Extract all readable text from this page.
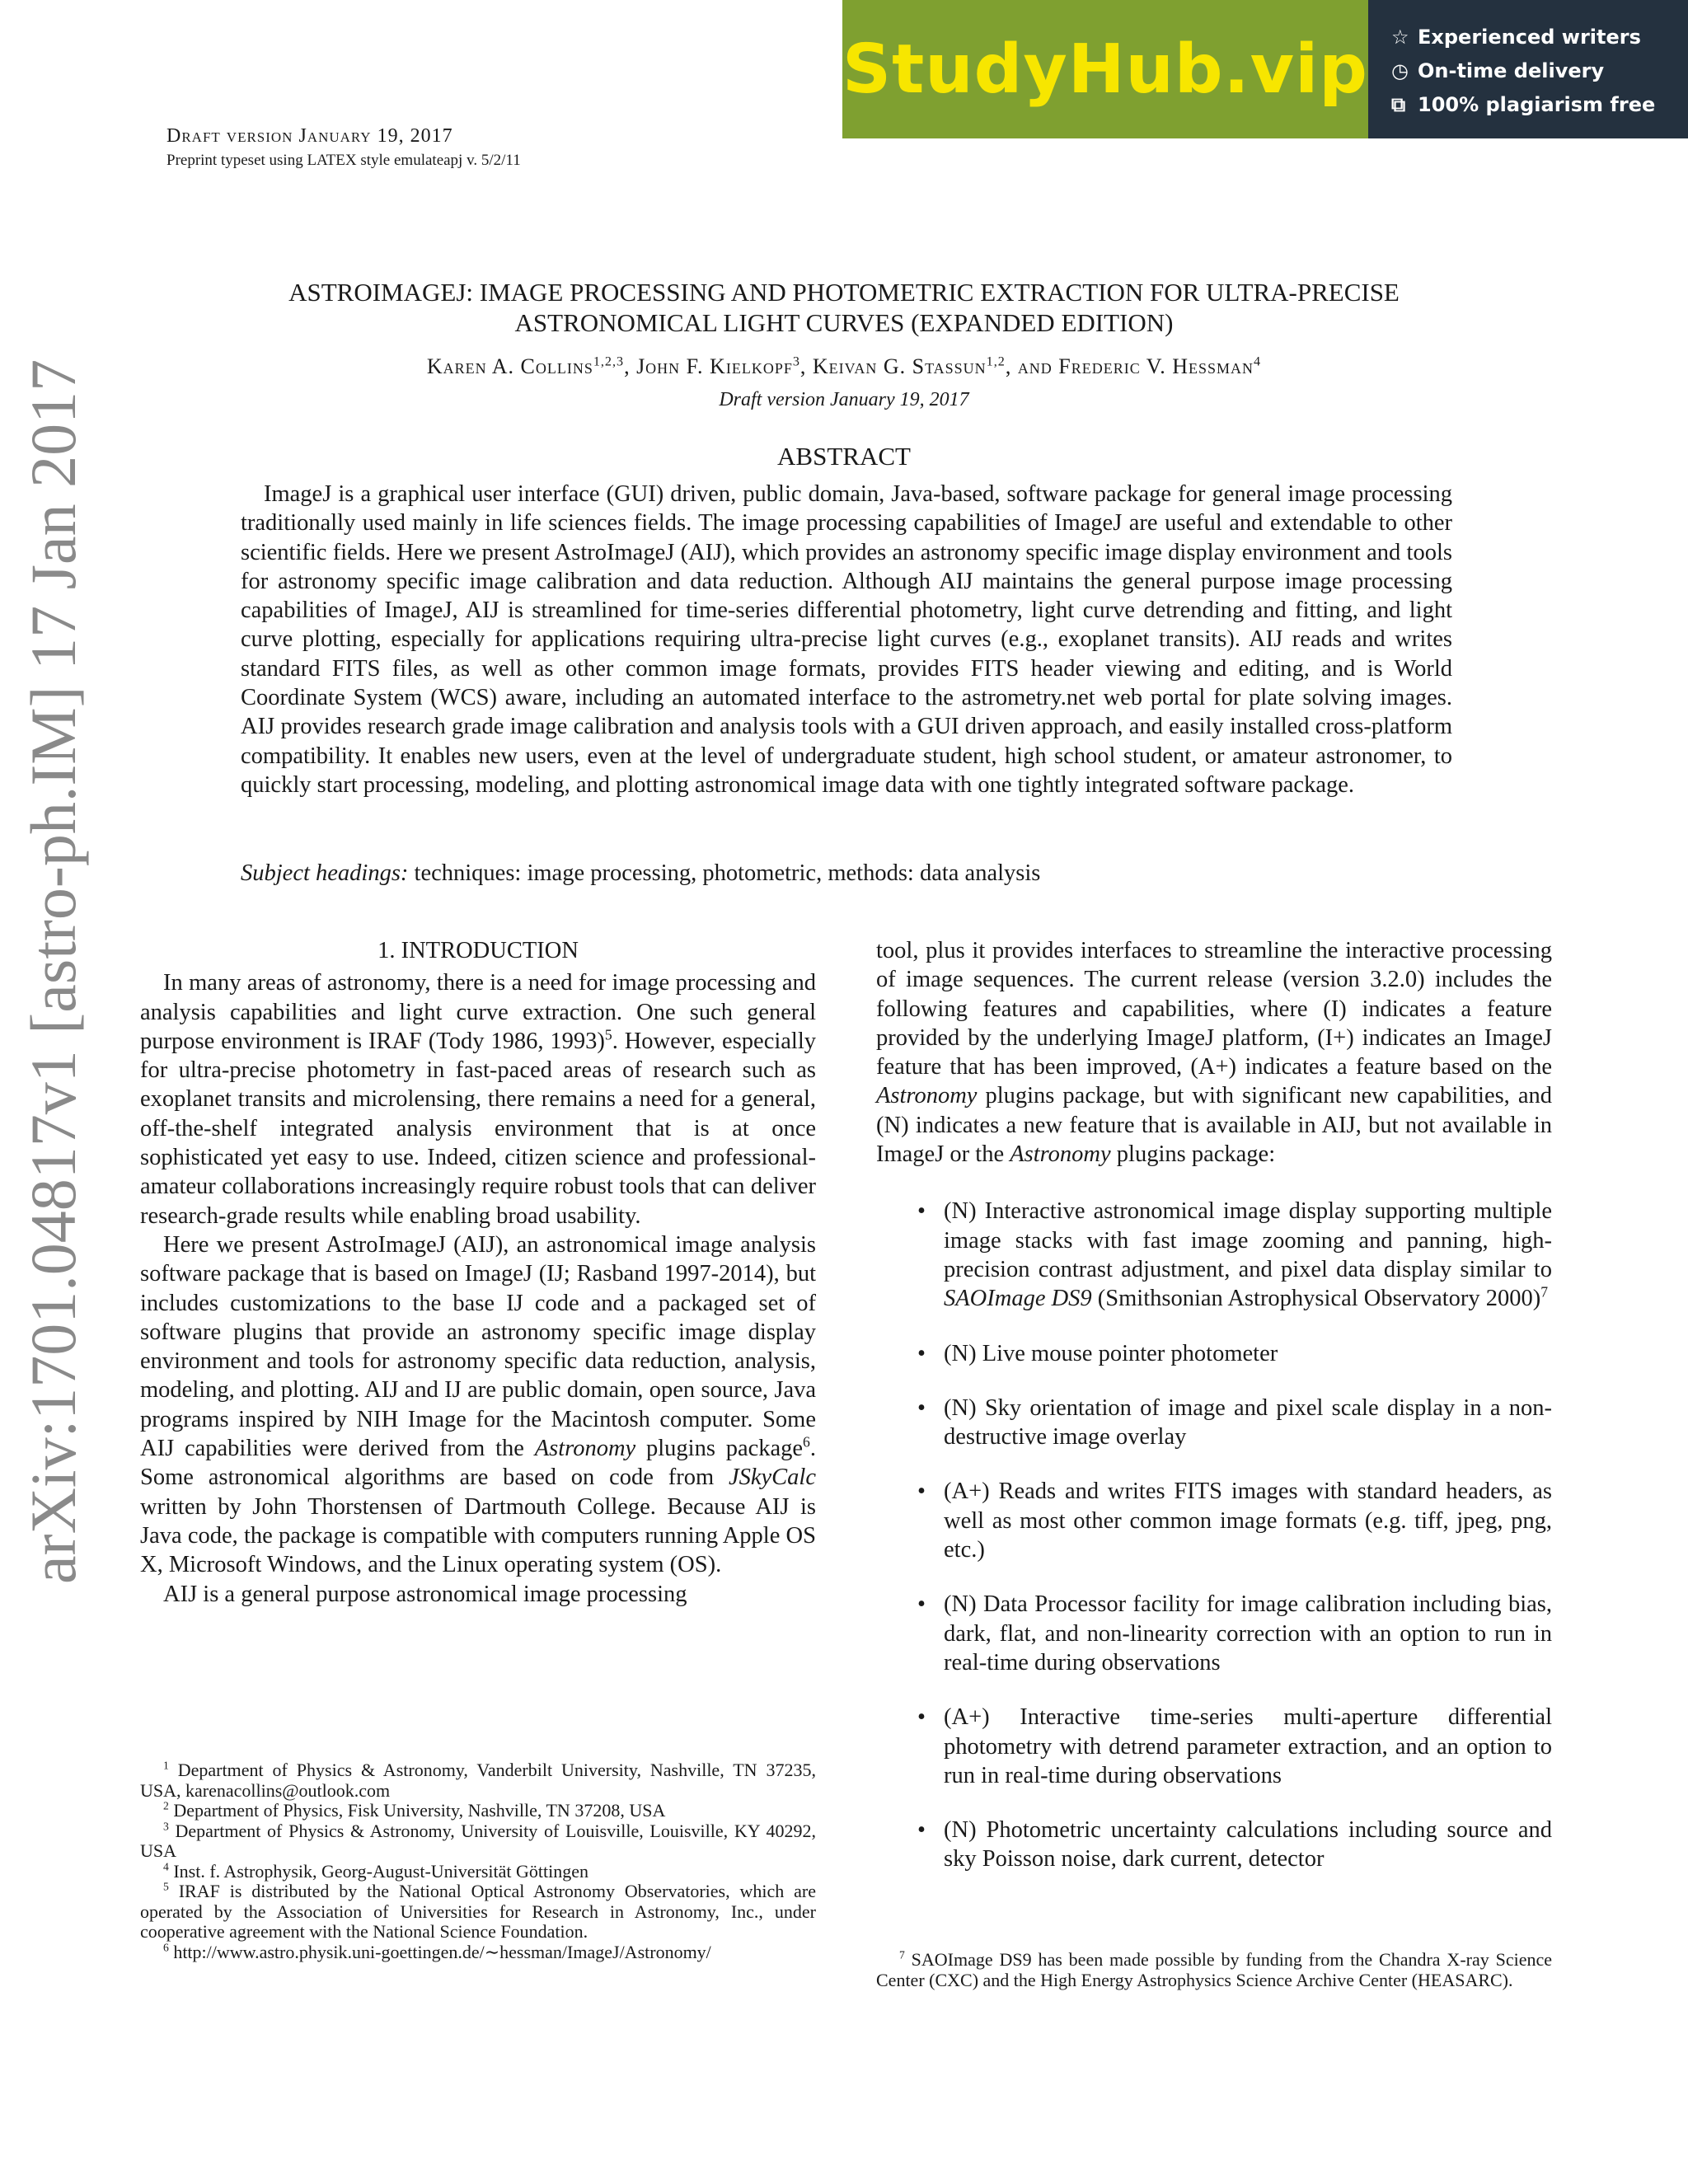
StudyHub.vip ☆ Experienced writers
◷ On-time delivery
⧉ 100% plagiarism free
Draft version January 19, 2017
Preprint typeset using LATEX style emulateapj v. 5/2/11
ASTROIMAGEJ: IMAGE PROCESSING AND PHOTOMETRIC EXTRACTION FOR ULTRA-PRECISE
ASTRONOMICAL LIGHT CURVES (EXPANDED EDITION)
Karen A. Collins$^{1,2,3}$, John F. Kielkopf$^3$, Keivan G. Stassun$^{1,2}$, and Frederic V. Hessman$^4$
Draft version January 19, 2017
ABSTRACT
ImageJ is a graphical user interface (GUI) driven, public domain, Java-based, software package for general image processing traditionally used mainly in life sciences fields. The image processing capabilities of ImageJ are useful and extendable to other scientific fields. Here we present AstroImageJ (AIJ), which provides an astronomy specific image display environment and tools for astronomy specific image calibration and data reduction. Although AIJ maintains the general purpose image processing capabilities of ImageJ, AIJ is streamlined for time-series differential photometry, light curve detrending and fitting, and light curve plotting, especially for applications requiring ultra-precise light curves (e.g., exoplanet transits). AIJ reads and writes standard FITS files, as well as other common image formats, provides FITS header viewing and editing, and is World Coordinate System (WCS) aware, including an automated interface to the astrometry.net web portal for plate solving images. AIJ provides research grade image calibration and analysis tools with a GUI driven approach, and easily installed cross-platform compatibility. It enables new users, even at the level of undergraduate student, high school student, or amateur astronomer, to quickly start processing, modeling, and plotting astronomical image data with one tightly integrated software package.
Subject headings: techniques: image processing, photometric, methods: data analysis
arXiv:1701.04817v1 [astro-ph.IM] 17 Jan 2017	1. INTRODUCTION

In many areas of astronomy, there is a need for image processing and analysis capabilities and light curve extraction. One such general purpose environment is IRAF (Tody 1986, 1993)$^5$. However, especially for ultra-precise photometry in fast-paced areas of research such as exoplanet transits and microlensing, there remains a need for a general, off-the-shelf integrated analysis environment that is at once sophisticated yet easy to use. Indeed, citizen science and professional-amateur collaborations increasingly require robust tools that can deliver research-grade results while enabling broad usability.

Here we present AstroImageJ (AIJ), an astronomical image analysis software package that is based on ImageJ (IJ; Rasband 1997-2014), but includes customizations to the base IJ code and a packaged set of software plugins that provide an astronomy specific image display environment and tools for astronomy specific data reduction, analysis, modeling, and plotting. AIJ and IJ are public domain, open source, Java programs inspired by NIH Image for the Macintosh computer. Some AIJ capabilities were derived from the Astronomy plugins package$^6$. Some astronomical algorithms are based on code from JSkyCalc written by John Thorstensen of Dartmouth College. Because AIJ is Java code, the package is compatible with computers running Apple OS X, Microsoft Windows, and the Linux operating system (OS).

AIJ is a general purpose astronomical image processing

$^1$ Department of Physics & Astronomy, Vanderbilt University, Nashville, TN 37235, USA, karenacollins@outlook.com

$^2$ Department of Physics, Fisk University, Nashville, TN 37208, USA

$^3$ Department of Physics & Astronomy, University of Louisville, Louisville, KY 40292, USA

$^4$ Inst. f. Astrophysik, Georg-August-Universität Göttingen

$^5$ IRAF is distributed by the National Optical Astronomy Observatories, which are operated by the Association of Universities for Research in Astronomy, Inc., under cooperative agreement with the National Science Foundation.

$^6$ http://www.astro.physik.uni-goettingen.de/∼hessman/ImageJ/Astronomy/

tool, plus it provides interfaces to streamline the interactive processing of image sequences. The current release (version 3.2.0) includes the following features and capabilities, where (I) indicates a feature provided by the underlying ImageJ platform, (I+) indicates an ImageJ feature that has been improved, (A+) indicates a feature based on the Astronomy plugins package, but with significant new capabilities, and (N) indicates a new feature that is available in AIJ, but not available in ImageJ or the Astronomy plugins package:

• (N) Interactive astronomical image display supporting multiple image stacks with fast image zooming and panning, high-precision contrast adjustment, and pixel data display similar to SAOImage DS9 (Smithsonian Astrophysical Observatory 2000)$^7$
• (N) Live mouse pointer photometer
• (N) Sky orientation of image and pixel scale display in a non-destructive image overlay
• (A+) Reads and writes FITS images with standard headers, as well as most other common image formats (e.g. tiff, jpeg, png, etc.)
• (N) Data Processor facility for image calibration including bias, dark, flat, and non-linearity correction with an option to run in real-time during observations
• (A+) Interactive time-series multi-aperture differential photometry with detrend parameter extraction, and an option to run in real-time during observations
• (N) Photometric uncertainty calculations including source and sky Poisson noise, dark current, detector

$^7$ SAOImage DS9 has been made possible by funding from the Chandra X-ray Science Center (CXC) and the High Energy Astrophysics Science Archive Center (HEASARC).
